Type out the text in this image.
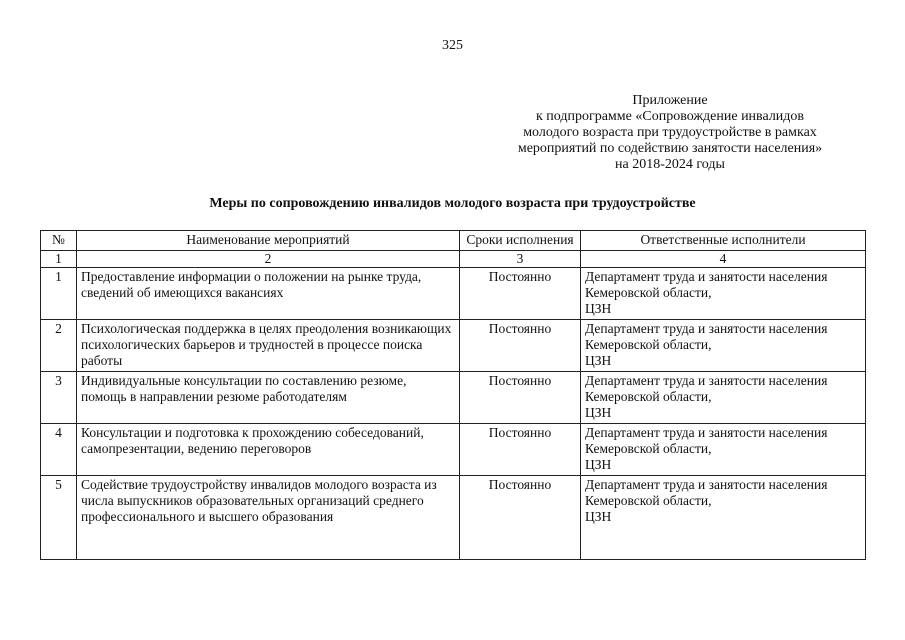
325
Приложение
к подпрограмме «Сопровождение инвалидов
молодого возраста при трудоустройстве в рамках
мероприятий по содействию занятости населения»
на 2018-2024 годы
Меры по сопровождению инвалидов молодого возраста при трудоустройстве
№	Наименование мероприятий	Сроки исполнения	Ответственные исполнители
1	2	3	4
1	Предоставление информации о положении на рынке труда, сведений об имеющихся вакансиях	Постоянно	Департамент труда и занятости населения
Кемеровской области,
ЦЗН
2	Психологическая поддержка в целях преодоления возникающих психологических барьеров и трудностей в процессе поиска работы	Постоянно	Департамент труда и занятости населения
Кемеровской области,
ЦЗН
3	Индивидуальные консультации по составлению резюме, помощь в направлении резюме работодателям	Постоянно	Департамент труда и занятости населения
Кемеровской области,
ЦЗН
4	Консультации и подготовка к прохождению собеседований, самопрезентации, ведению переговоров	Постоянно	Департамент труда и занятости населения
Кемеровской области,
ЦЗН
5	Содействие трудоустройству инвалидов молодого возраста из числа выпускников образовательных организаций среднего профессионального и высшего образования	Постоянно	Департамент труда и занятости населения
Кемеровской области,
ЦЗН
